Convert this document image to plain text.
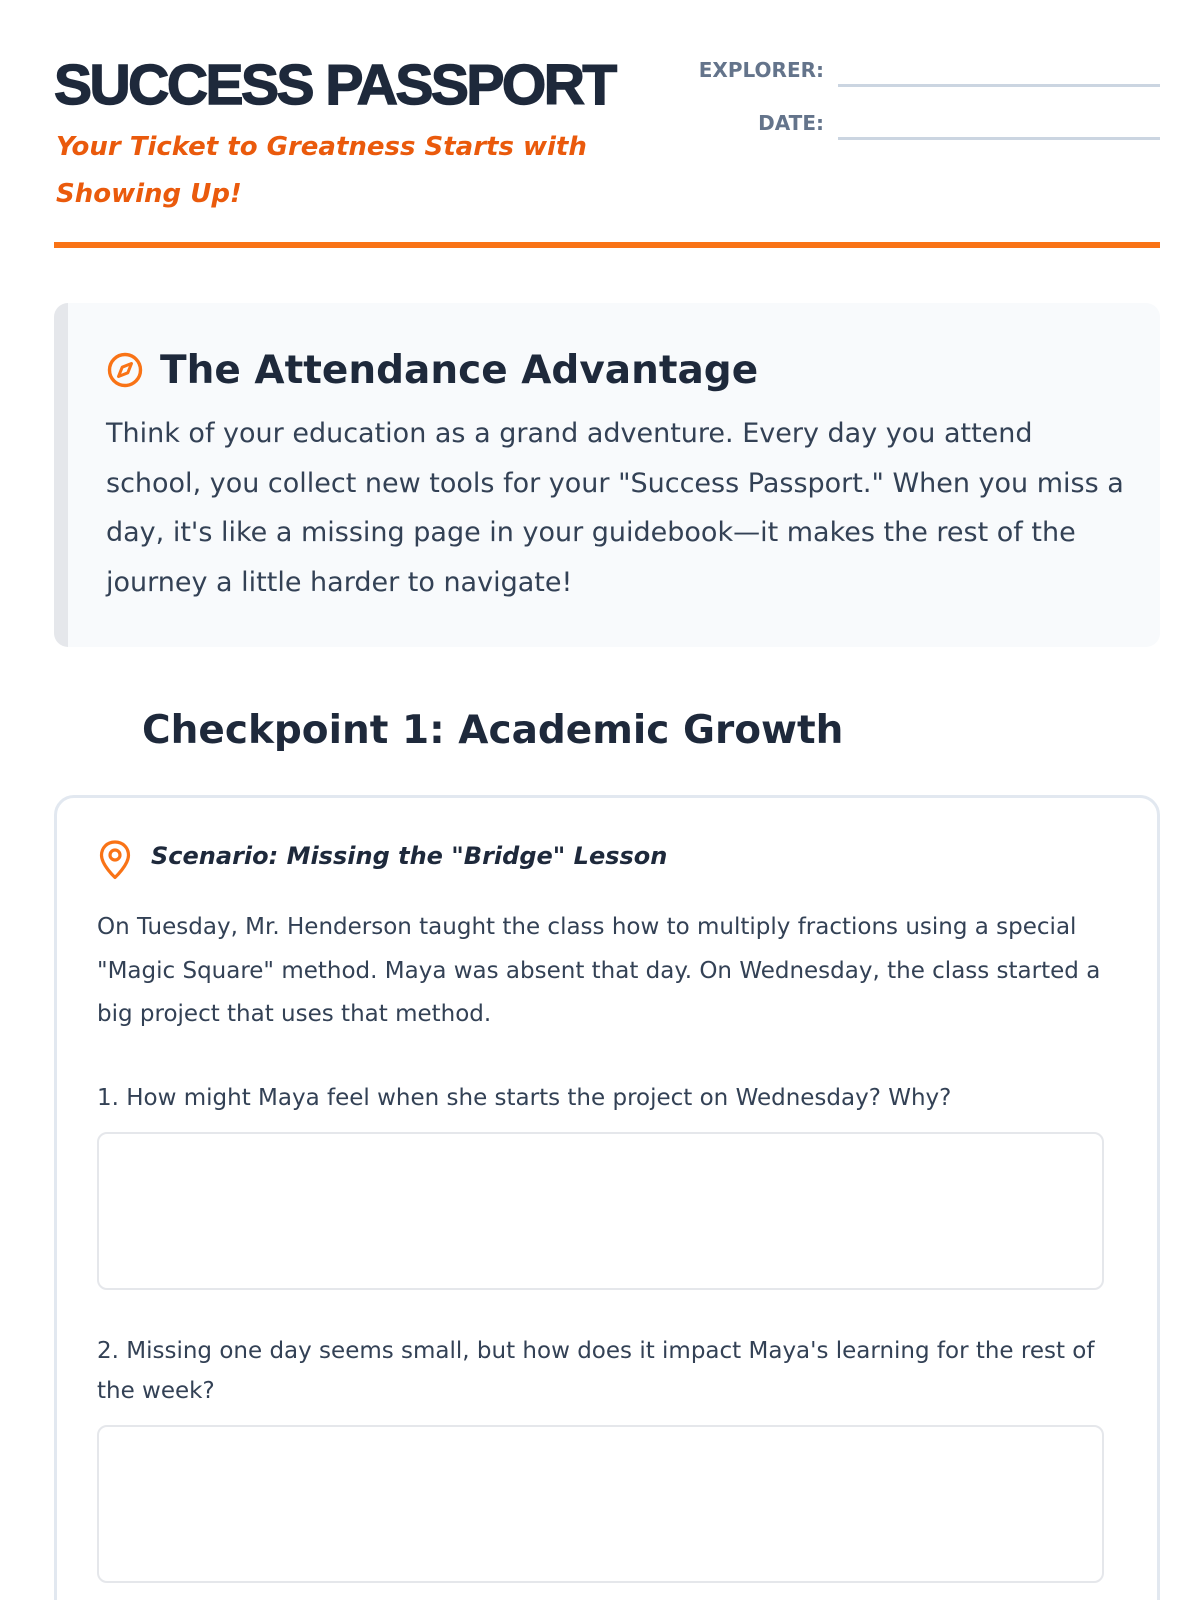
SUCCESS PASSPORT
Your Ticket to Greatness Starts with Showing Up!
EXPLORER:
DATE:
The Attendance Advantage

Think of your education as a grand adventure. Every day you attend school, you collect new tools for your "Success Passport." When you miss a day, it's like a missing page in your guidebook—it makes the rest of the journey a little harder to navigate!

Checkpoint 1: Academic Growth
Scenario: Missing the "Bridge" Lesson

On Tuesday, Mr. Henderson taught the class how to multiply fractions using a special "Magic Square" method. Maya was absent that day. On Wednesday, the class started a big project that uses that method.

1. How might Maya feel when she starts the project on Wednesday? Why?

2. Missing one day seems small, but how does it impact Maya's learning for the rest of the week?
